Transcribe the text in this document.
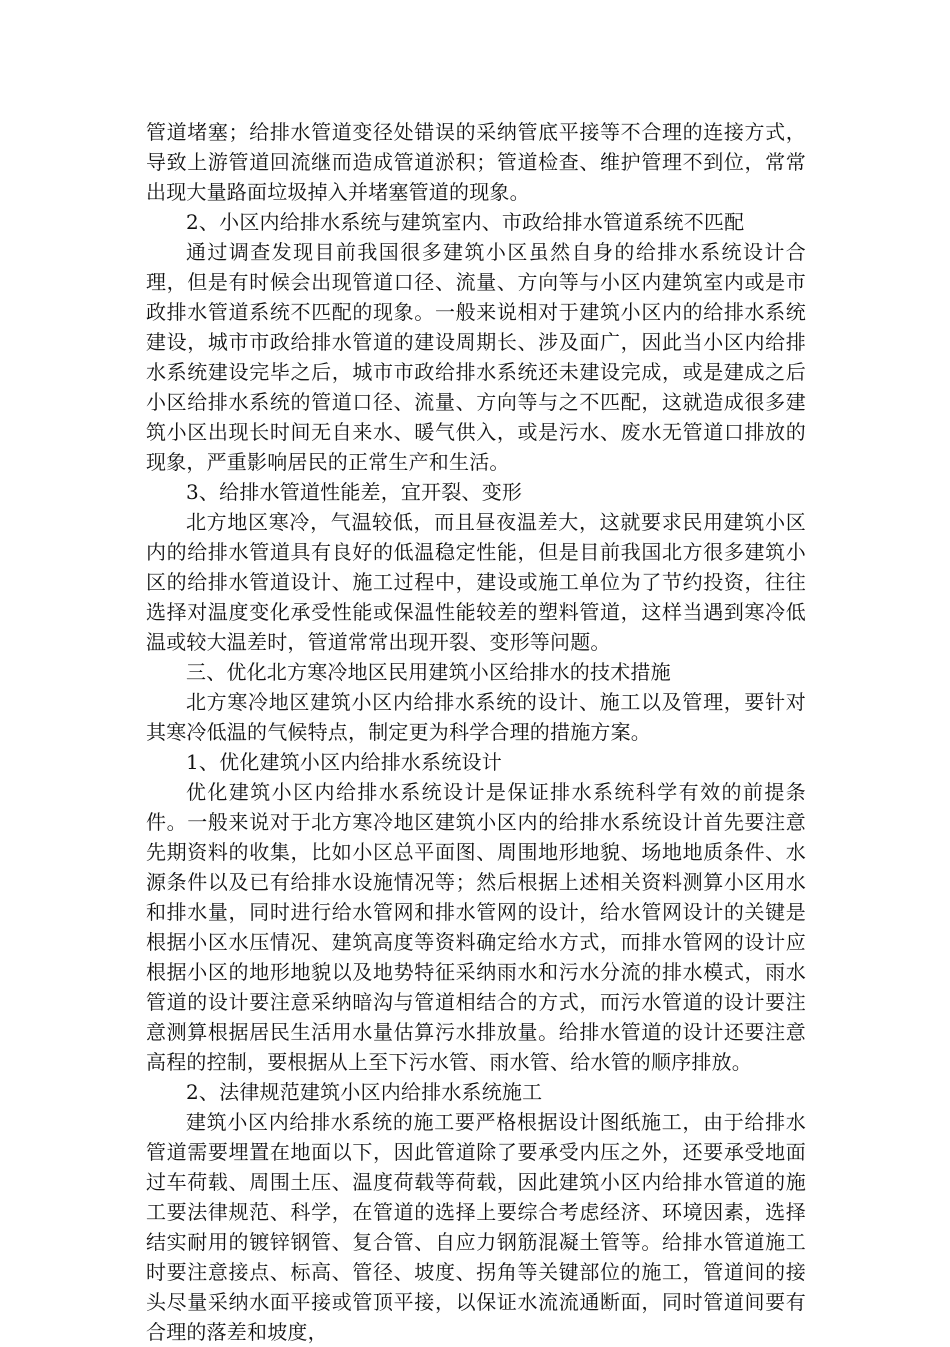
管道堵塞；给排水管道变径处错误的采纳管底平接等不合理的连接方式，导致上游管道回流继而造成管道淤积；管道检查、维护管理不到位，常常出现大量路面垃圾掉入并堵塞管道的现象。

2、小区内给排水系统与建筑室内、市政给排水管道系统不匹配

通过调查发现目前我国很多建筑小区虽然自身的给排水系统设计合理，但是有时候会出现管道口径、流量、方向等与小区内建筑室内或是市政排水管道系统不匹配的现象。一般来说相对于建筑小区内的给排水系统建设，城市市政给排水管道的建设周期长、涉及面广，因此当小区内给排水系统建设完毕之后，城市市政给排水系统还未建设完成，或是建成之后小区给排水系统的管道口径、流量、方向等与之不匹配，这就造成很多建筑小区出现长时间无自来水、暖气供入，或是污水、废水无管道口排放的现象，严重影响居民的正常生产和生活。

3、给排水管道性能差，宜开裂、变形

北方地区寒冷，气温较低，而且昼夜温差大，这就要求民用建筑小区内的给排水管道具有良好的低温稳定性能，但是目前我国北方很多建筑小区的给排水管道设计、施工过程中，建设或施工单位为了节约投资，往往选择对温度变化承受性能或保温性能较差的塑料管道，这样当遇到寒冷低温或较大温差时，管道常常出现开裂、变形等问题。

三、优化北方寒冷地区民用建筑小区给排水的技术措施

北方寒冷地区建筑小区内给排水系统的设计、施工以及管理，要针对其寒冷低温的气候特点，制定更为科学合理的措施方案。

1、优化建筑小区内给排水系统设计

优化建筑小区内给排水系统设计是保证排水系统科学有效的前提条件。一般来说对于北方寒冷地区建筑小区内的给排水系统设计首先要注意先期资料的收集，比如小区总平面图、周围地形地貌、场地地质条件、水源条件以及已有给排水设施情况等；然后根据上述相关资料测算小区用水和排水量，同时进行给水管网和排水管网的设计，给水管网设计的关键是根据小区水压情况、建筑高度等资料确定给水方式，而排水管网的设计应根据小区的地形地貌以及地势特征采纳雨水和污水分流的排水模式，雨水管道的设计要注意采纳暗沟与管道相结合的方式，而污水管道的设计要注意测算根据居民生活用水量估算污水排放量。给排水管道的设计还要注意高程的控制，要根据从上至下污水管、雨水管、给水管的顺序排放。

2、法律规范建筑小区内给排水系统施工

建筑小区内给排水系统的施工要严格根据设计图纸施工，由于给排水管道需要埋置在地面以下，因此管道除了要承受内压之外，还要承受地面过车荷载、周围土压、温度荷载等荷载，因此建筑小区内给排水管道的施工要法律规范、科学，在管道的选择上要综合考虑经济、环境因素，选择结实耐用的镀锌钢管、复合管、自应力钢筋混凝土管等。给排水管道施工时要注意接点、标高、管径、坡度、拐角等关键部位的施工，管道间的接头尽量采纳水面平接或管顶平接，以保证水流流通断面，同时管道间要有合理的落差和坡度，
